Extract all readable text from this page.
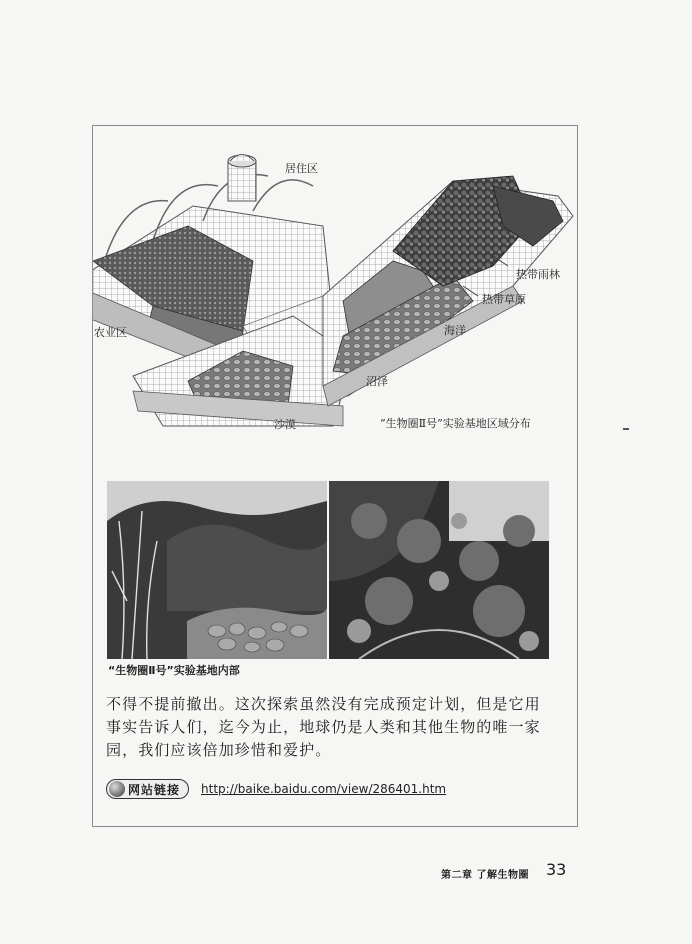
居住区
农业区
热带雨林
热带草原
海洋
沼泽
沙漠	“生物圈Ⅱ号”实验基地区域分布
“生物圈Ⅱ号”实验基地内部

不得不提前撤出。这次探索虽然没有完成预定计划，但是它用事实告诉人们，迄今为止，地球仍是人类和其他生物的唯一家园，我们应该倍加珍惜和爱护。

网站链接 http://baike.baidu.com/view/286401.htm
第二章 了解生物圈 33
